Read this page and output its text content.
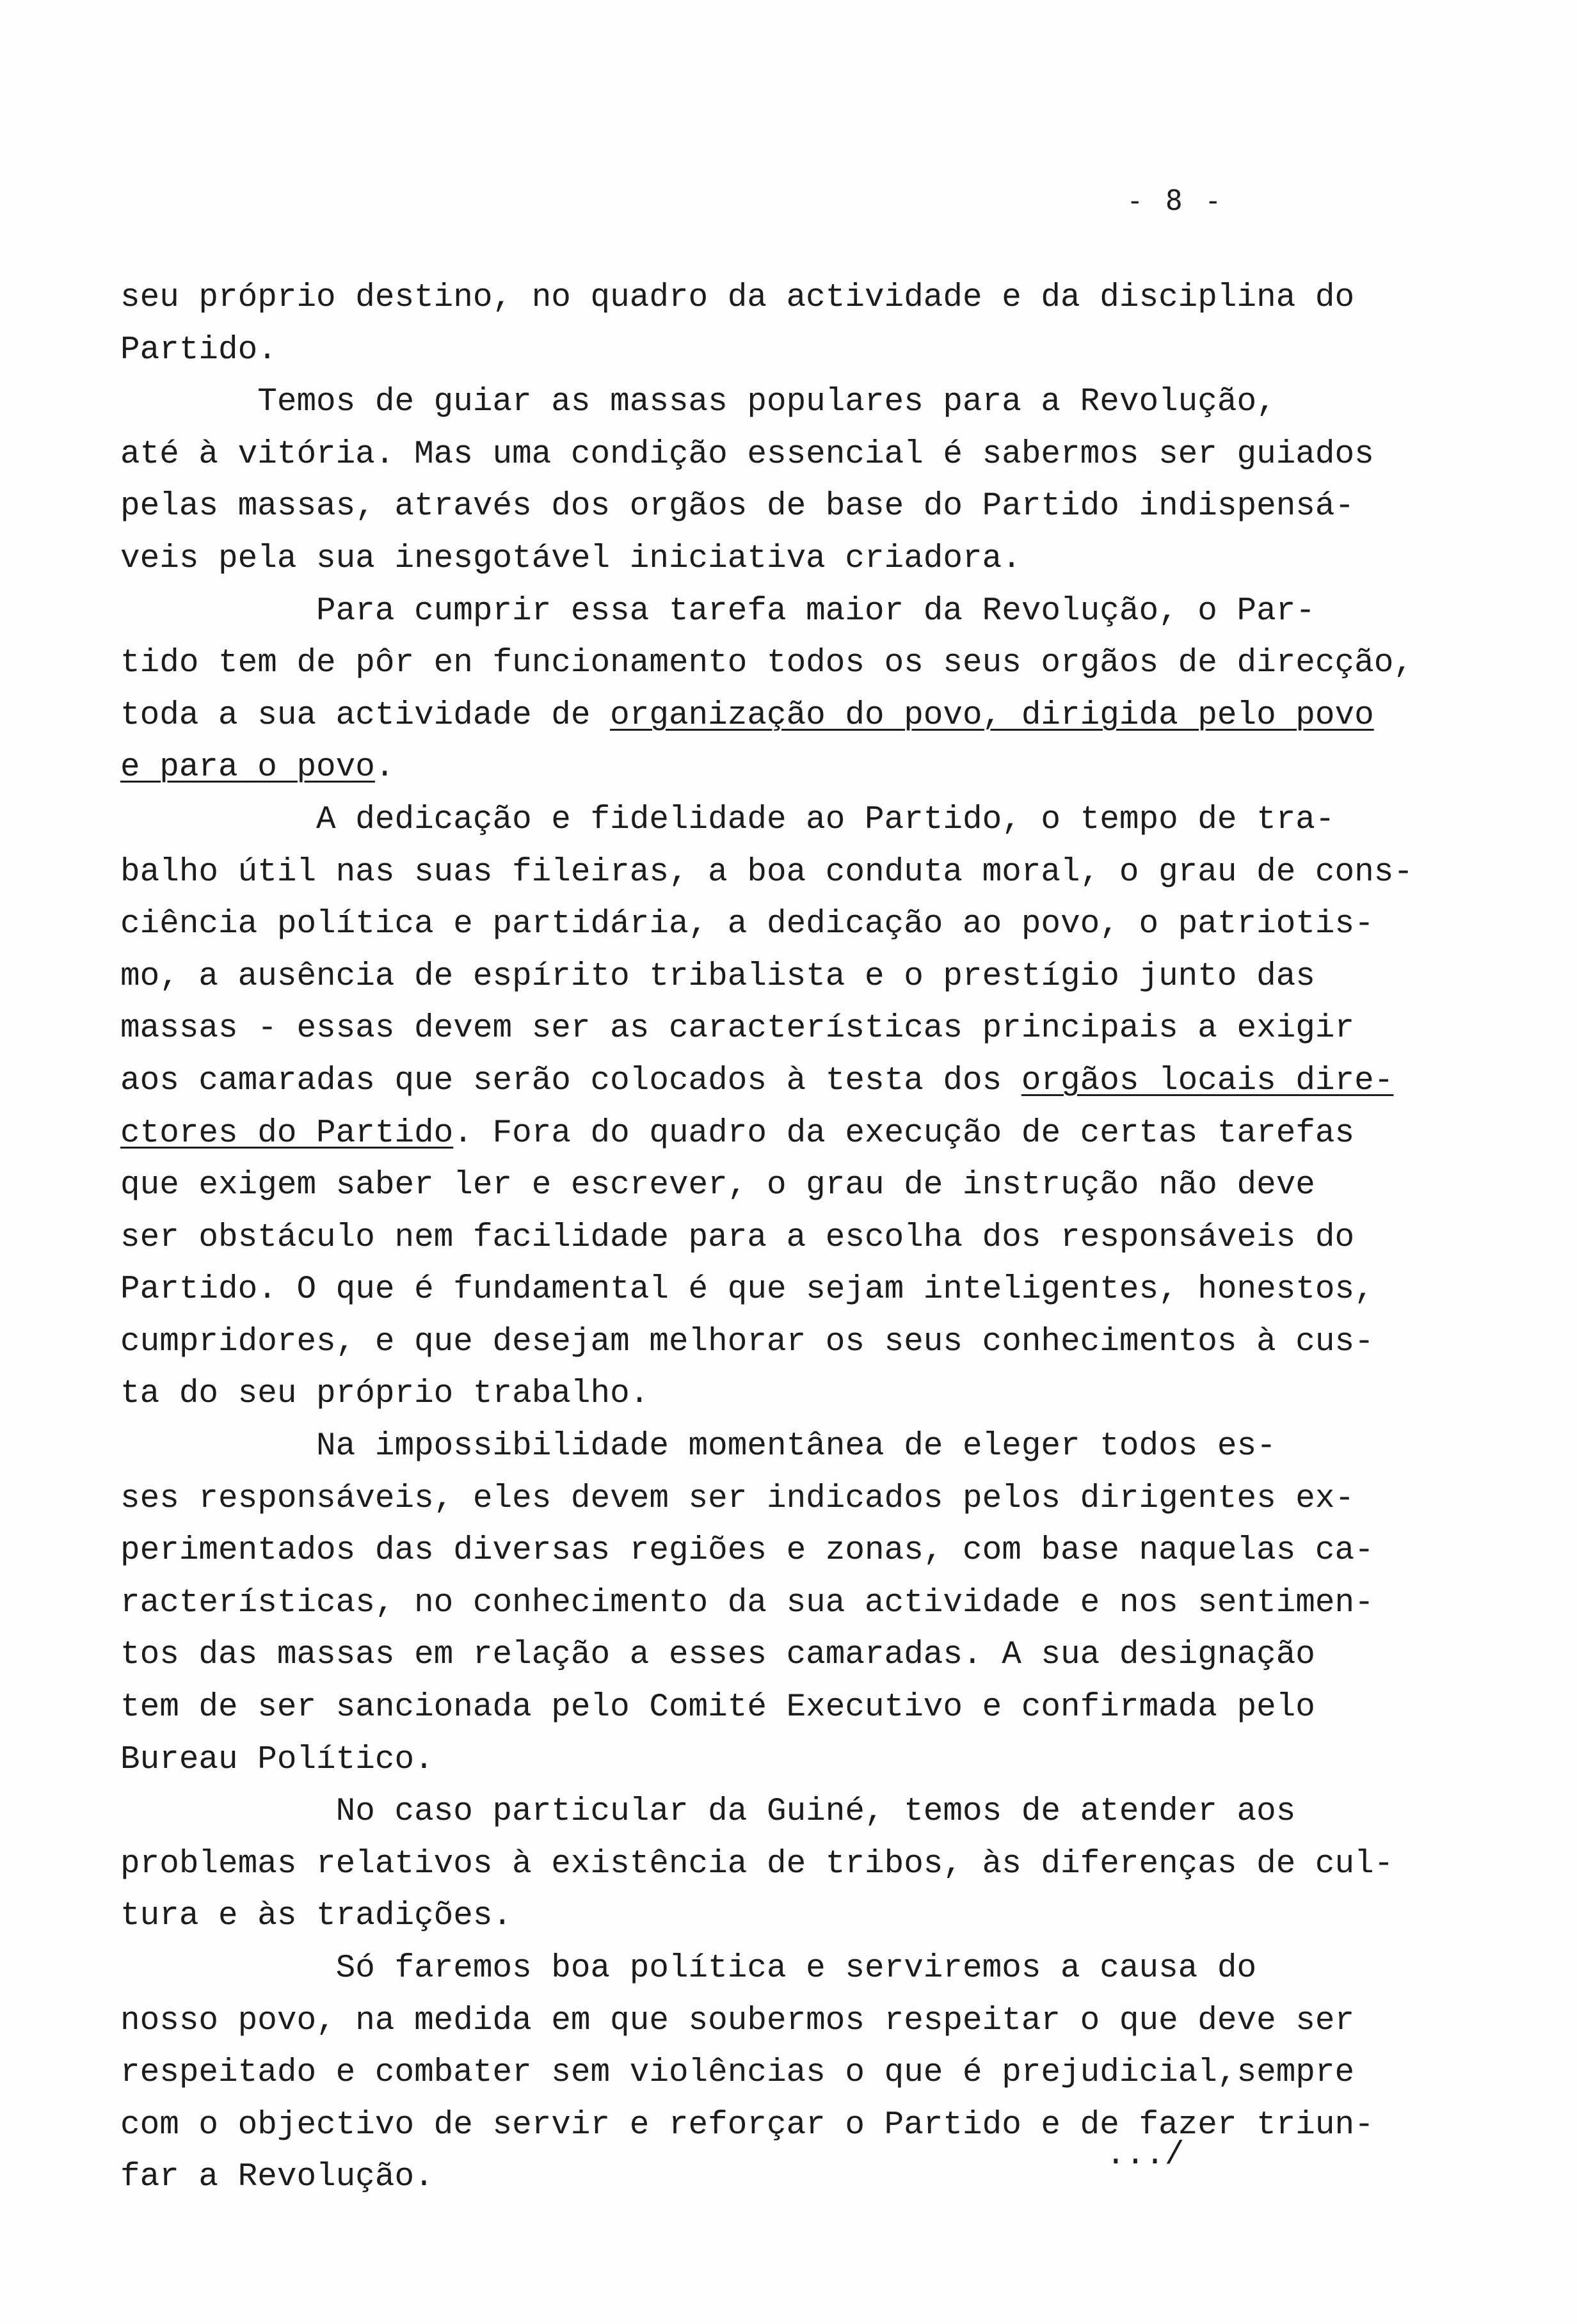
- 8 -
seu próprio destino, no quadro da actividade e da disciplina do
Partido.
Temos de guiar as massas populares para a Revolução,
até à vitória. Mas uma condição essencial é sabermos ser guiados
pelas massas, através dos orgãos de base do Partido indispensá-
veis pela sua inesgotável iniciativa criadora.
Para cumprir essa tarefa maior da Revolução, o Par-
tido tem de pôr en funcionamento todos os seus orgãos de direcção,
toda a sua actividade de organização do povo, dirigida pelo povo
e para o povo.
A dedicação e fidelidade ao Partido, o tempo de tra-
balho útil nas suas fileiras, a boa conduta moral, o grau de cons-
ciência política e partidária, a dedicação ao povo, o patriotis-
mo, a ausência de espírito tribalista e o prestígio junto das
massas - essas devem ser as características principais a exigir
aos camaradas que serão colocados à testa dos orgãos locais dire-
ctores do Partido. Fora do quadro da execução de certas tarefas
que exigem saber ler e escrever, o grau de instrução não deve
ser obstáculo nem facilidade para a escolha dos responsáveis do
Partido. O que é fundamental é que sejam inteligentes, honestos,
cumpridores, e que desejam melhorar os seus conhecimentos à cus-
ta do seu próprio trabalho.
Na impossibilidade momentânea de eleger todos es-
ses responsáveis, eles devem ser indicados pelos dirigentes ex-
perimentados das diversas regiões e zonas, com base naquelas ca-
racterísticas, no conhecimento da sua actividade e nos sentimen-
tos das massas em relação a esses camaradas. A sua designação
tem de ser sancionada pelo Comité Executivo e confirmada pelo
Bureau Político.
No caso particular da Guiné, temos de atender aos
problemas relativos à existência de tribos, às diferenças de cul-
tura e às tradições.
Só faremos boa política e serviremos a causa do
nosso povo, na medida em que soubermos respeitar o que deve ser
respeitado e combater sem violências o que é prejudicial,sempre
com o objectivo de servir e reforçar o Partido e de fazer triun-
far a Revolução.
.../
